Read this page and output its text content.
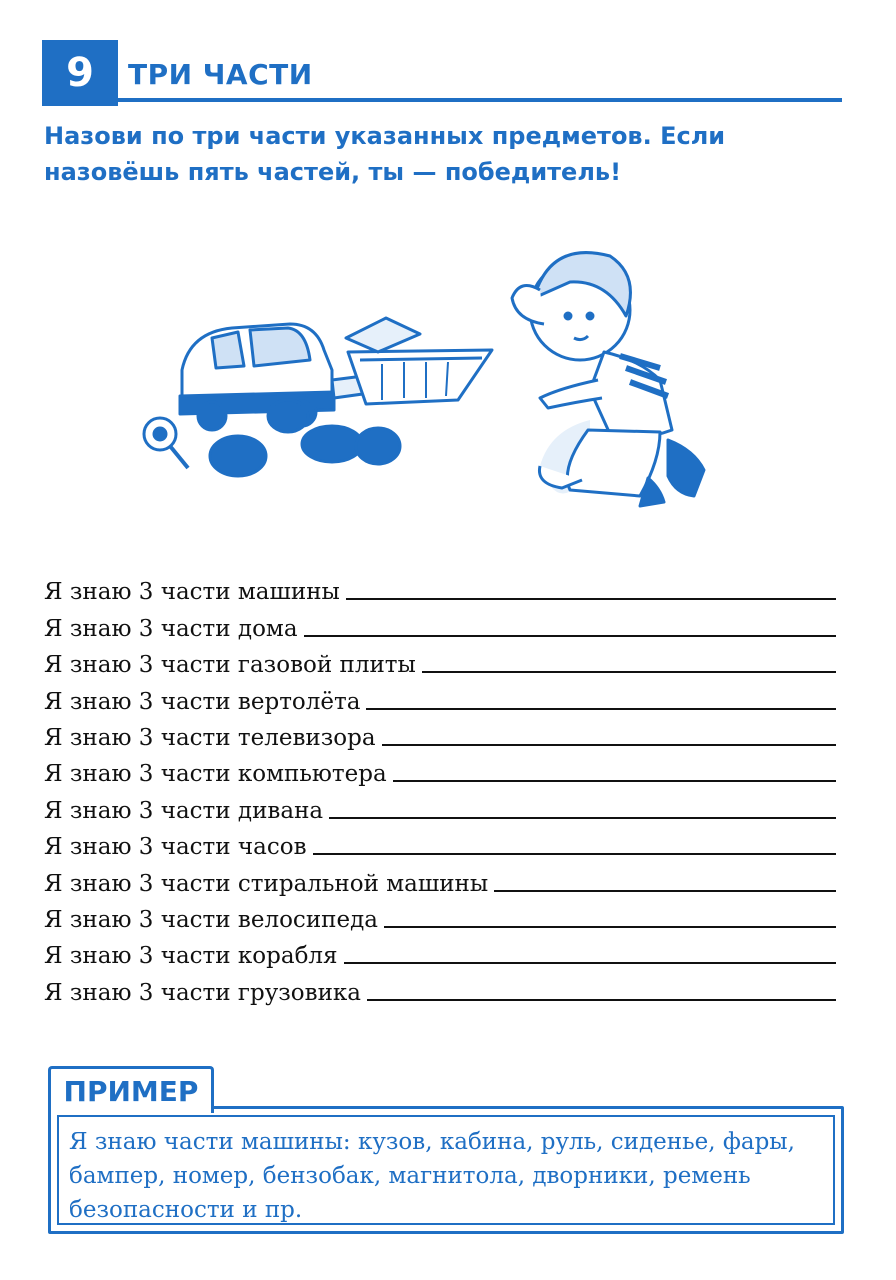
9	ТРИ ЧАСТИ
Назови по три части указанных предметов. Если назовёшь пять частей, ты — победитель!
Я знаю 3 части машины
Я знаю 3 части дома
Я знаю 3 части газовой плиты
Я знаю 3 части вертолёта
Я знаю 3 части телевизора
Я знаю 3 части компьютера
Я знаю 3 части дивана
Я знаю 3 части часов
Я знаю 3 части стиральной машины
Я знаю 3 части велосипеда
Я знаю 3 части корабля
Я знаю 3 части грузовика
ПРИМЕР
Я знаю части машины: кузов, кабина, руль, сиденье, фары, бампер, номер, бензобак, магнитола, дворники, ремень безопасности и пр.
